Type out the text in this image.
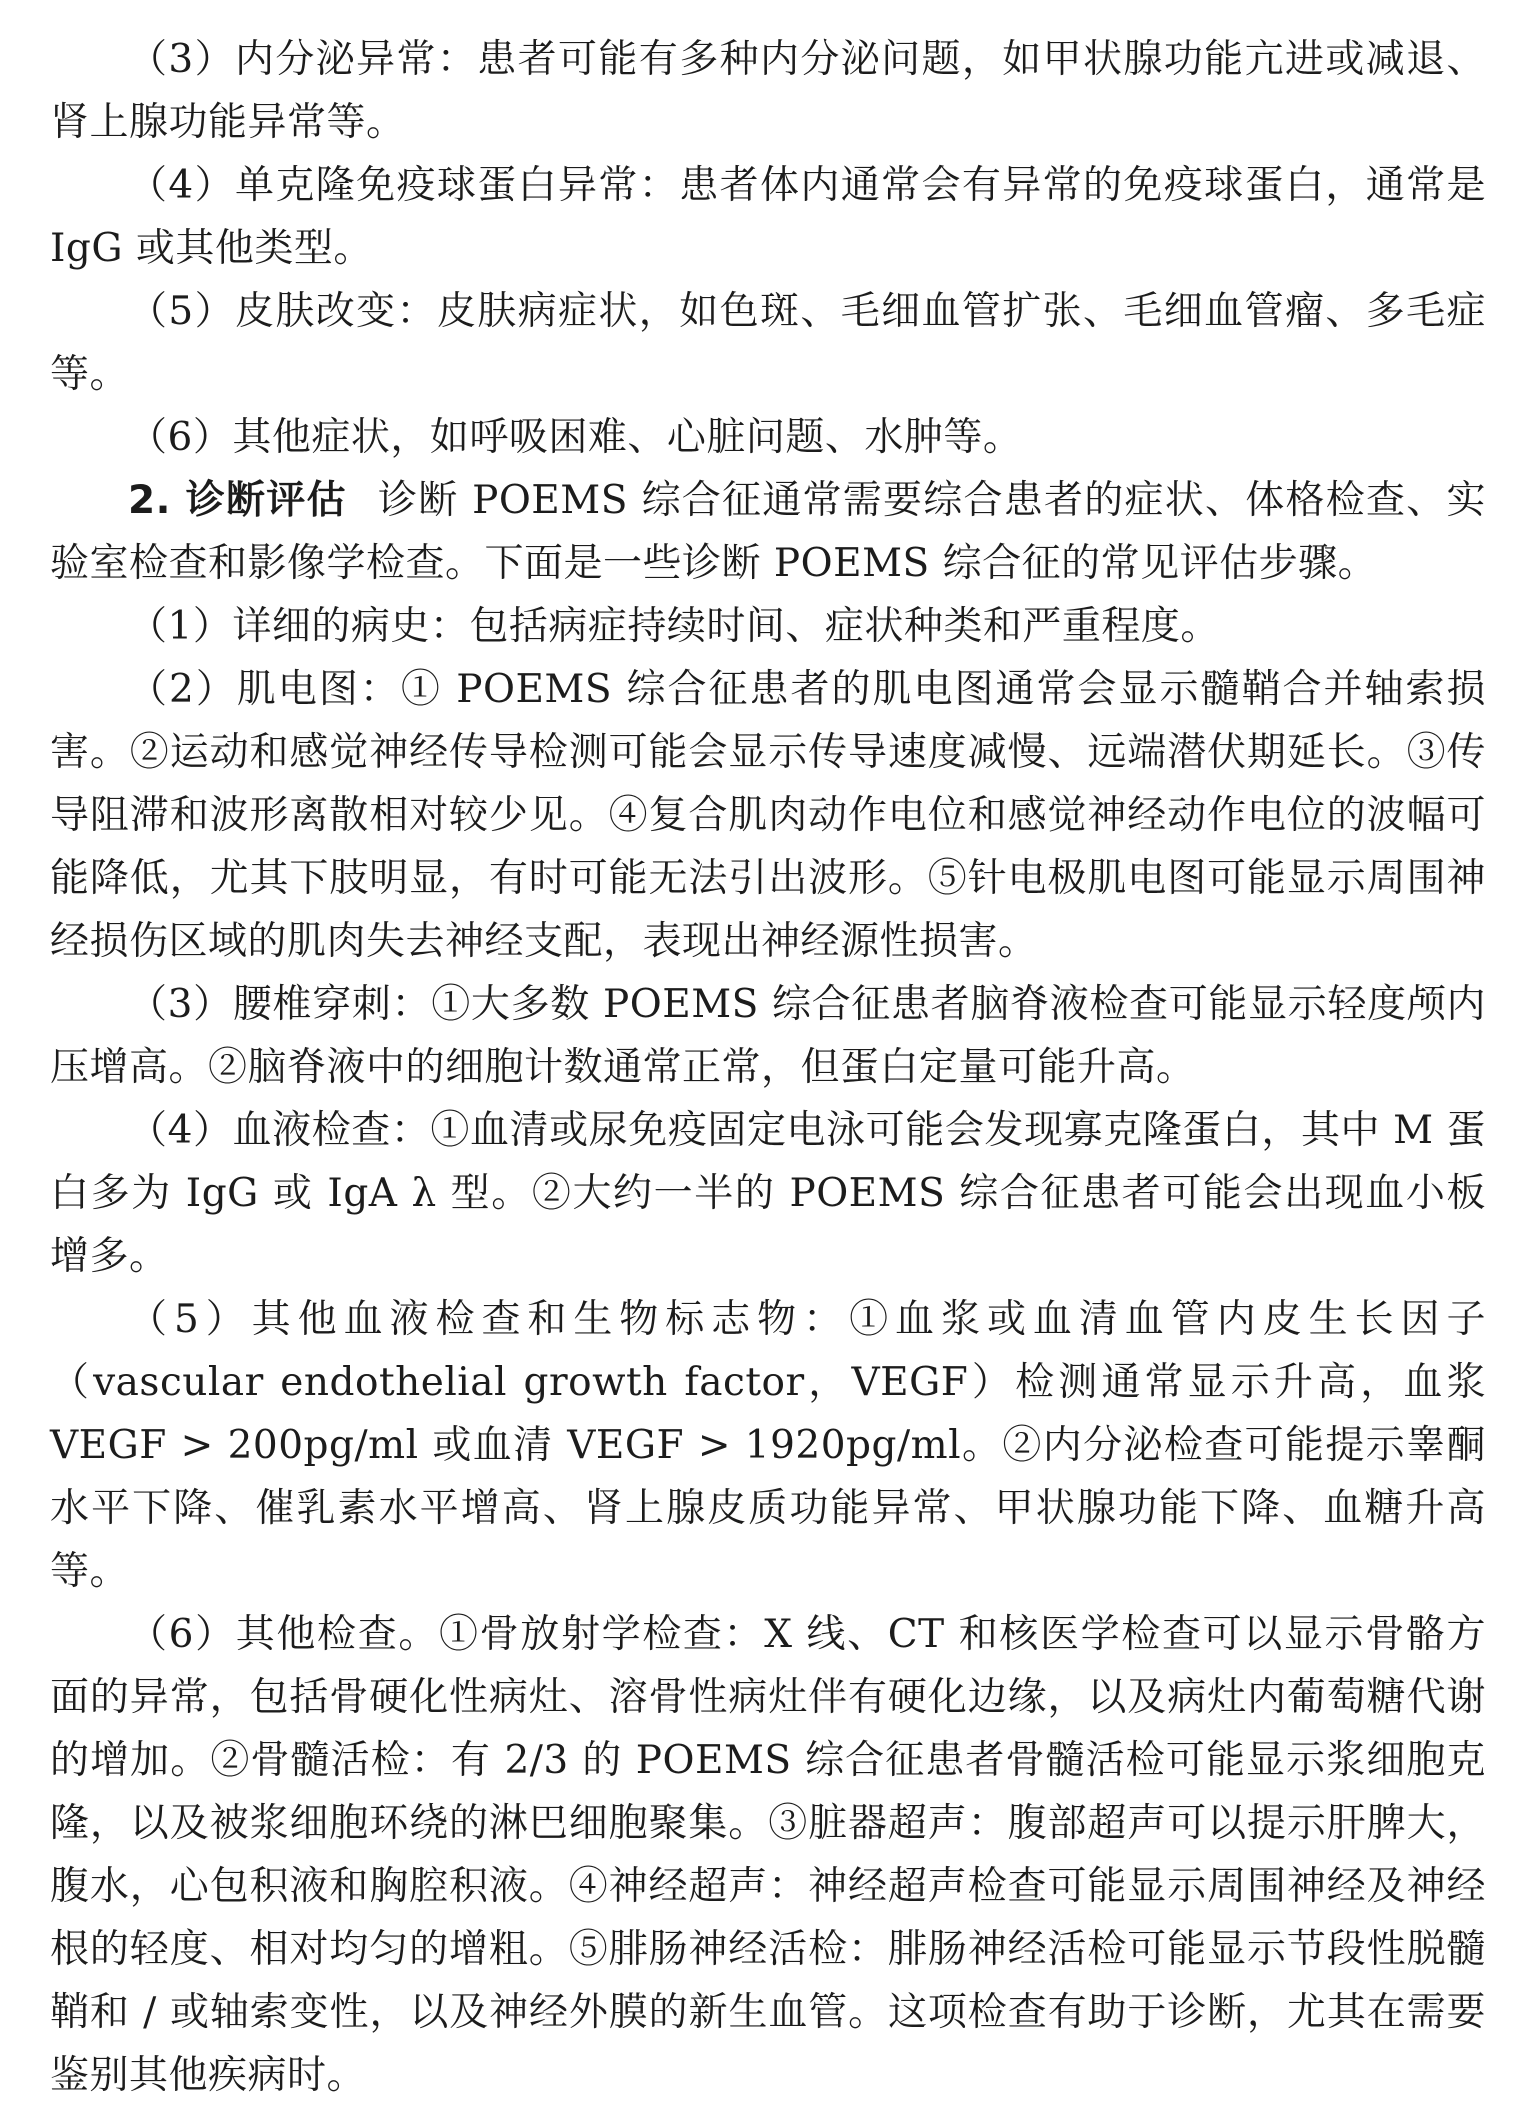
（3）内分泌异常：患者可能有多种内分泌问题，如甲状腺功能亢进或减退、肾上腺功能异常等。

（4）单克隆免疫球蛋白异常：患者体内通常会有异常的免疫球蛋白，通常是 IgG 或其他类型。

（5）皮肤改变：皮肤病症状，如色斑、毛细血管扩张、毛细血管瘤、多毛症等。

（6）其他症状，如呼吸困难、心脏问题、水肿等。

2. 诊断评估 诊断 POEMS 综合征通常需要综合患者的症状、体格检查、实验室检查和影像学检查。下面是一些诊断 POEMS 综合征的常见评估步骤。

（1）详细的病史：包括病症持续时间、症状种类和严重程度。

（2）肌电图：① POEMS 综合征患者的肌电图通常会显示髓鞘合并轴索损害。②运动和感觉神经传导检测可能会显示传导速度减慢、远端潜伏期延长。③传导阻滞和波形离散相对较少见。④复合肌肉动作电位和感觉神经动作电位的波幅可能降低，尤其下肢明显，有时可能无法引出波形。⑤针电极肌电图可能显示周围神经损伤区域的肌肉失去神经支配，表现出神经源性损害。

（3）腰椎穿刺：①大多数 POEMS 综合征患者脑脊液检查可能显示轻度颅内压增高。②脑脊液中的细胞计数通常正常，但蛋白定量可能升高。

（4）血液检查：①血清或尿免疫固定电泳可能会发现寡克隆蛋白，其中 M 蛋白多为 IgG 或 IgA λ 型。②大约一半的 POEMS 综合征患者可能会出现血小板增多。

（5）其他血液检查和生物标志物：①血浆或血清血管内皮生长因子（vascular endothelial growth factor，VEGF）检测通常显示升高，血浆 VEGF > 200pg/ml 或血清 VEGF > 1920pg/ml。②内分泌检查可能提示睾酮水平下降、催乳素水平增高、肾上腺皮质功能异常、甲状腺功能下降、血糖升高等。

（6）其他检查。①骨放射学检查：X 线、CT 和核医学检查可以显示骨骼方面的异常，包括骨硬化性病灶、溶骨性病灶伴有硬化边缘，以及病灶内葡萄糖代谢的增加。②骨髓活检：有 2/3 的 POEMS 综合征患者骨髓活检可能显示浆细胞克隆，以及被浆细胞环绕的淋巴细胞聚集。③脏器超声：腹部超声可以提示肝脾大，腹水，心包积液和胸腔积液。④神经超声：神经超声检查可能显示周围神经及神经根的轻度、相对均匀的增粗。⑤腓肠神经活检：腓肠神经活检可能显示节段性脱髓鞘和 / 或轴索变性，以及神经外膜的新生血管。这项检查有助于诊断，尤其在需要鉴别其他疾病时。
